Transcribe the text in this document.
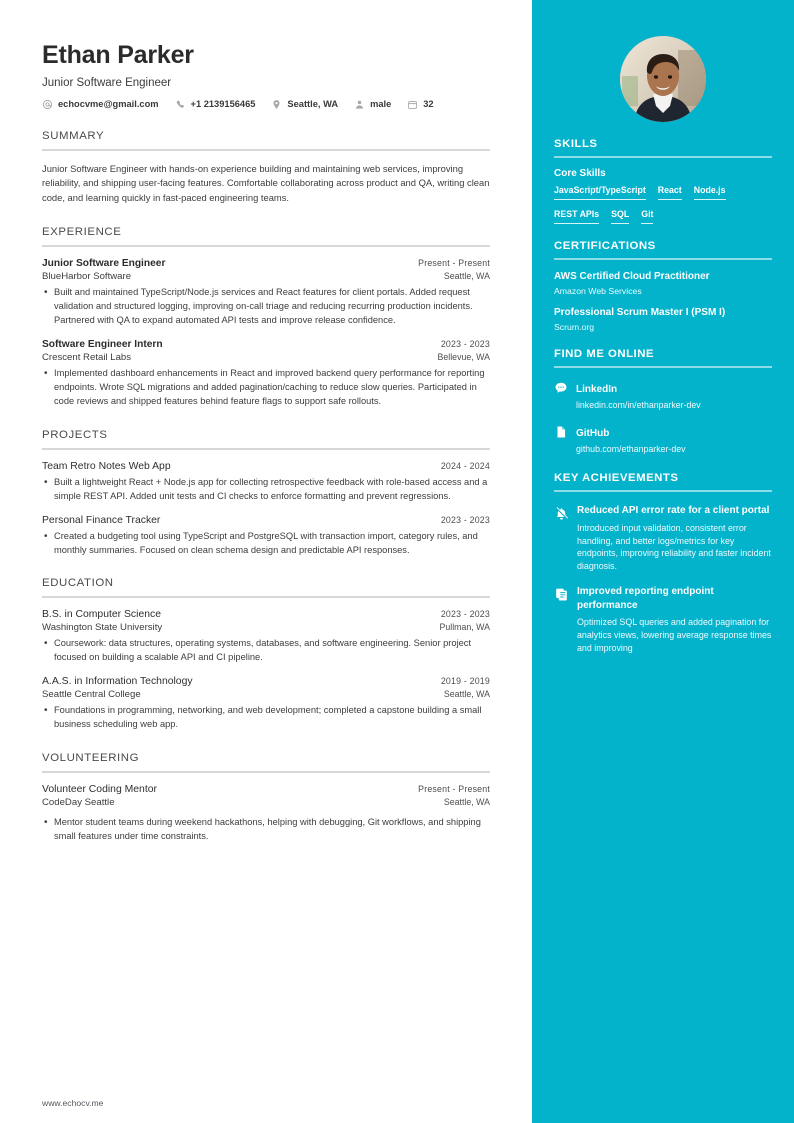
Ethan Parker
Junior Software Engineer
echocvme@gmail.com	+1 2139156465	Seattle, WA	male	32
SUMMARY
Junior Software Engineer with hands-on experience building and maintaining web services, improving reliability, and shipping user-facing features. Comfortable collaborating across product and QA, writing clean code, and learning quickly in fast-paced engineering teams.
EXPERIENCE
Junior Software Engineer	Present - Present
BlueHarbor Software	Seattle, WA
• Built and maintained TypeScript/Node.js services and React features for client portals. Added request validation and structured logging, improving on-call triage and reducing recurring production incidents. Partnered with QA to expand automated API tests and improve release confidence.
Software Engineer Intern	2023 - 2023
Crescent Retail Labs	Bellevue, WA
• Implemented dashboard enhancements in React and improved backend query performance for reporting endpoints. Wrote SQL migrations and added pagination/caching to reduce slow queries. Participated in code reviews and shipped features behind feature flags to support safe rollouts.
PROJECTS
Team Retro Notes Web App	2024 - 2024
• Built a lightweight React + Node.js app for collecting retrospective feedback with role-based access and a simple REST API. Added unit tests and CI checks to enforce formatting and prevent regressions.
Personal Finance Tracker	2023 - 2023
• Created a budgeting tool using TypeScript and PostgreSQL with transaction import, category rules, and monthly summaries. Focused on clean schema design and predictable API responses.
EDUCATION
B.S. in Computer Science	2023 - 2023
Washington State University	Pullman, WA
• Coursework: data structures, operating systems, databases, and software engineering. Senior project focused on building a scalable API and CI pipeline.
A.A.S. in Information Technology	2019 - 2019
Seattle Central College	Seattle, WA
• Foundations in programming, networking, and web development; completed a capstone building a small business scheduling web app.
VOLUNTEERING
Volunteer Coding Mentor	Present - Present
CodeDay Seattle	Seattle, WA
• Mentor student teams during weekend hackathons, helping with debugging, Git workflows, and shipping small features under time constraints.
www.echocv.me
SKILLS
Core Skills
JavaScript/TypeScript React Node.js
REST APIs SQL Git
CERTIFICATIONS
AWS Certified Cloud Practitioner
Amazon Web Services
Professional Scrum Master I (PSM I)
Scrum.org
FIND ME ONLINE
LinkedIn
linkedin.com/in/ethanparker-dev
GitHub
github.com/ethanparker-dev
KEY ACHIEVEMENTS
Reduced API error rate for a client portal
Introduced input validation, consistent error handling, and better logs/metrics for key endpoints, improving reliability and faster incident diagnosis.
Improved reporting endpoint performance
Optimized SQL queries and added pagination for analytics views, lowering average response times and improving
